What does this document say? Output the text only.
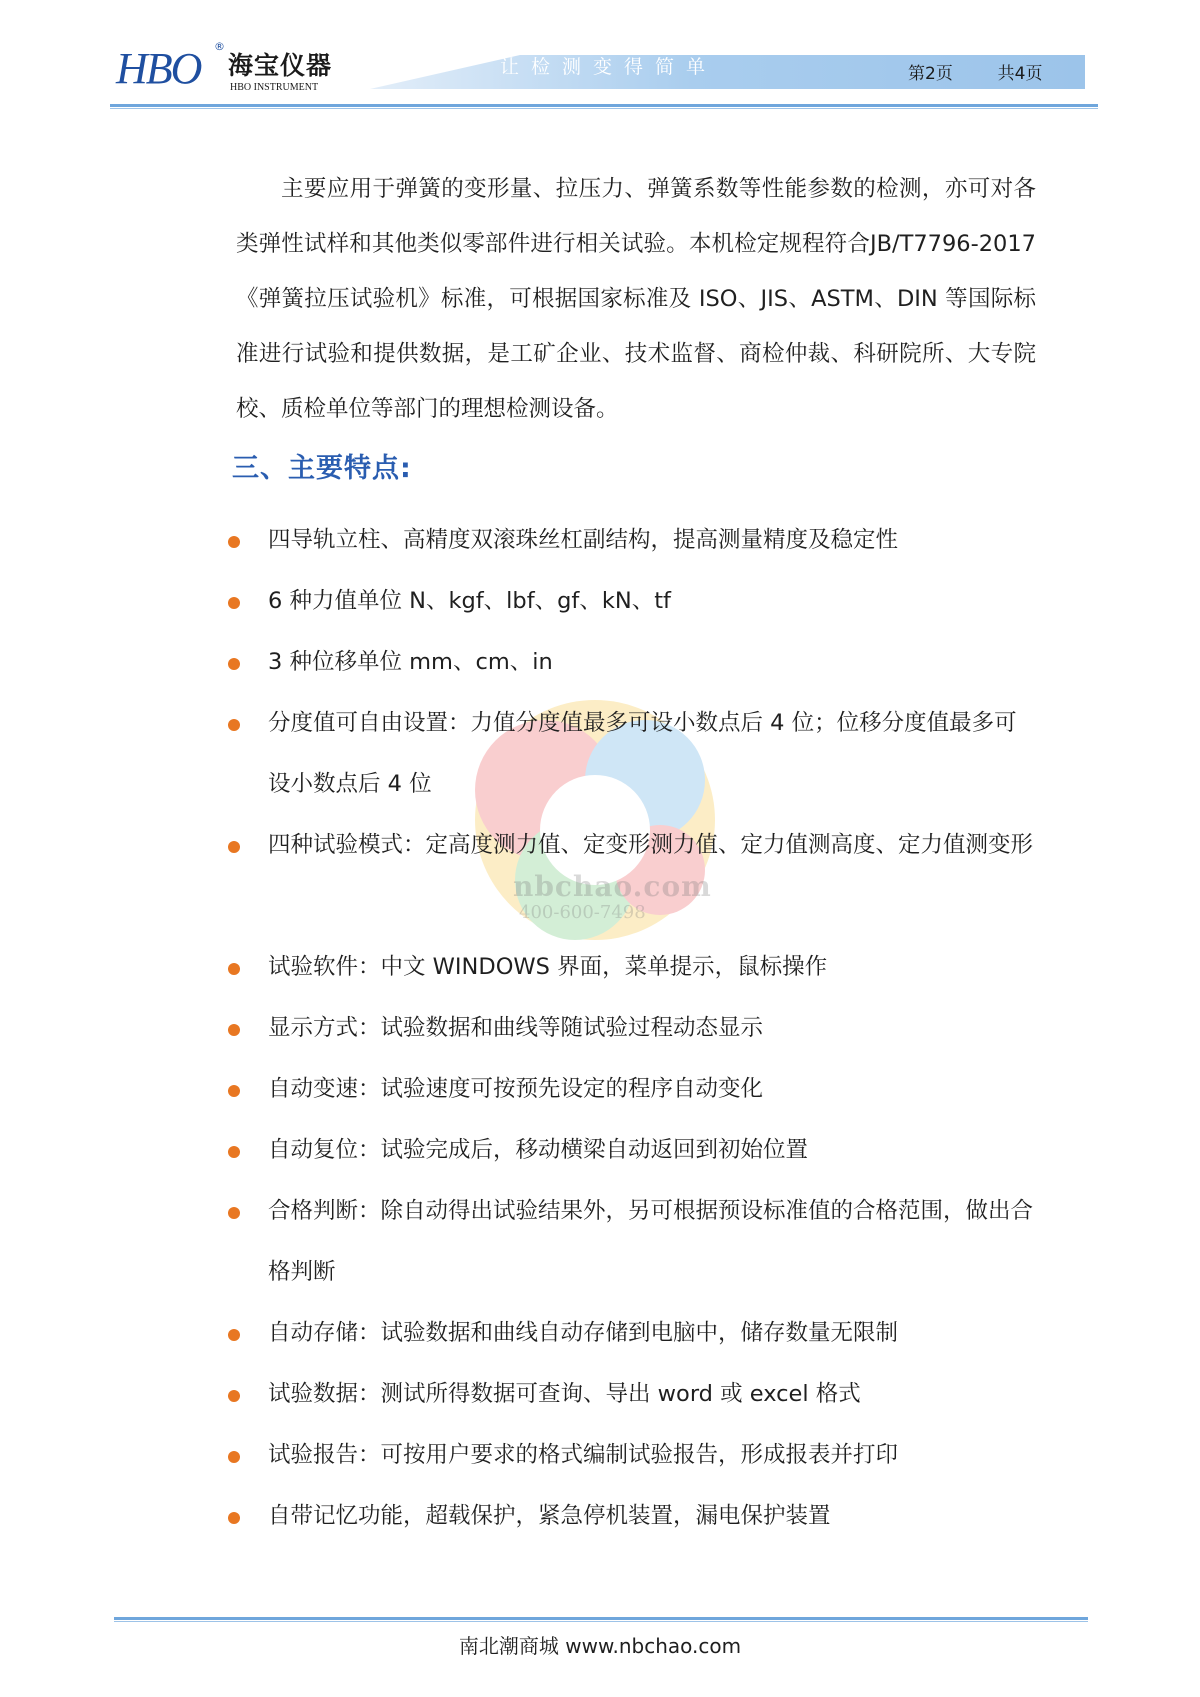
HBO ®
海宝仪器
HBO INSTRUMENT
让检测变得简单	第2页	共4页
nbchao.com
400-600-7498
主要应用于弹簧的变形量、拉压力、弹簧系数等性能参数的检测，亦可对各类弹性试样和其他类似零部件进行相关试验。本机检定规程符合JB/T7796-2017《弹簧拉压试验机》标准，可根据国家标准及 ISO、JIS、ASTM、DIN 等国际标准进行试验和提供数据，是工矿企业、技术监督、商检仲裁、科研院所、大专院校、质检单位等部门的理想检测设备。
三、主要特点:
四导轨立柱、高精度双滚珠丝杠副结构，提高测量精度及稳定性
6 种力值单位 N、kgf、lbf、gf、kN、tf
3 种位移单位 mm、cm、in
分度值可自由设置：力值分度值最多可设小数点后 4 位；位移分度值最多可设小数点后 4 位
四种试验模式：定高度测力值、定变形测力值、定力值测高度、定力值测变形
试验软件：中文 WINDOWS 界面，菜单提示，鼠标操作
显示方式：试验数据和曲线等随试验过程动态显示
自动变速：试验速度可按预先设定的程序自动变化
自动复位：试验完成后，移动横梁自动返回到初始位置
合格判断：除自动得出试验结果外，另可根据预设标准值的合格范围，做出合格判断
自动存储：试验数据和曲线自动存储到电脑中，储存数量无限制
试验数据：测试所得数据可查询、导出 word 或 excel 格式
试验报告：可按用户要求的格式编制试验报告，形成报表并打印
自带记忆功能，超载保护，紧急停机装置，漏电保护装置
南北潮商城 www.nbchao.com
